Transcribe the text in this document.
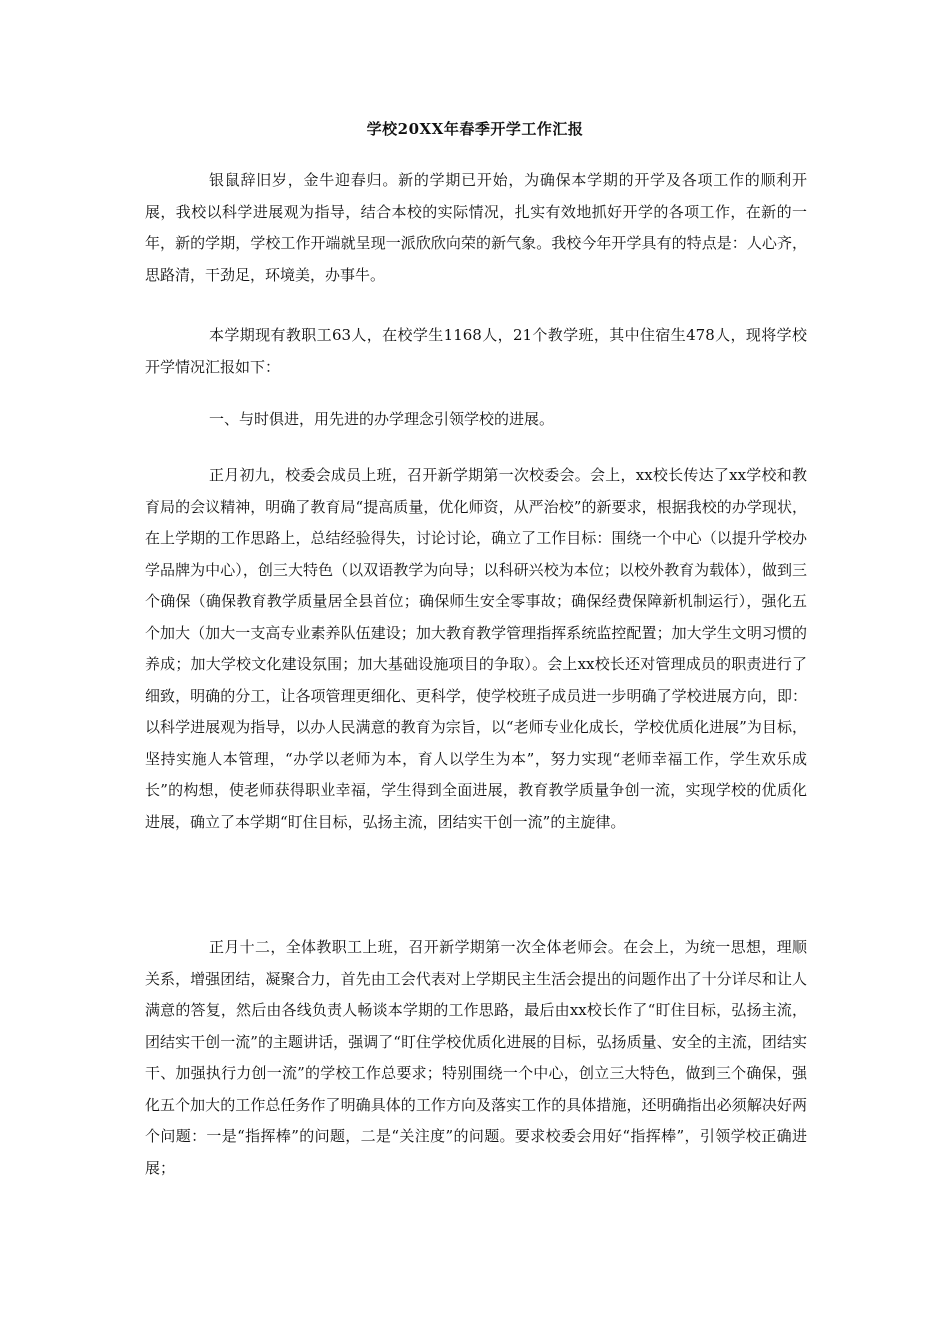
学校20XX年春季开学工作汇报

银鼠辞旧岁，金牛迎春归。新的学期已开始，为确保本学期的开学及各项工作的顺利开展，我校以科学进展观为指导，结合本校的实际情况，扎实有效地抓好开学的各项工作，在新的一年，新的学期，学校工作开端就呈现一派欣欣向荣的新气象。我校今年开学具有的特点是：人心齐，思路清，干劲足，环境美，办事牛。

本学期现有教职工63人，在校学生1168人，21个教学班，其中住宿生478人，现将学校开学情况汇报如下：

一、与时俱进，用先进的办学理念引领学校的进展。

正月初九，校委会成员上班，召开新学期第一次校委会。会上，xx校长传达了xx学校和教育局的会议精神，明确了教育局“提高质量，优化师资，从严治校”的新要求，根据我校的办学现状，在上学期的工作思路上，总结经验得失，讨论讨论，确立了工作目标：围绕一个中心（以提升学校办学品牌为中心），创三大特色（以双语教学为向导；以科研兴校为本位；以校外教育为载体），做到三个确保（确保教育教学质量居全县首位；确保师生安全零事故；确保经费保障新机制运行），强化五个加大（加大一支高专业素养队伍建设；加大教育教学管理指挥系统监控配置；加大学生文明习惯的养成；加大学校文化建设氛围；加大基础设施项目的争取）。会上xx校长还对管理成员的职责进行了细致，明确的分工，让各项管理更细化、更科学，使学校班子成员进一步明确了学校进展方向，即：以科学进展观为指导，以办人民满意的教育为宗旨，以“老师专业化成长，学校优质化进展”为目标，坚持实施人本管理，“办学以老师为本，育人以学生为本”，努力实现“老师幸福工作，学生欢乐成长”的构想，使老师获得职业幸福，学生得到全面进展，教育教学质量争创一流，实现学校的优质化进展，确立了本学期“盯住目标，弘扬主流，团结实干创一流”的主旋律。

正月十二，全体教职工上班，召开新学期第一次全体老师会。在会上，为统一思想，理顺关系，增强团结，凝聚合力，首先由工会代表对上学期民主生活会提出的问题作出了十分详尽和让人满意的答复，然后由各线负责人畅谈本学期的工作思路，最后由xx校长作了“盯住目标，弘扬主流，团结实干创一流”的主题讲话，强调了“盯住学校优质化进展的目标，弘扬质量、安全的主流，团结实干、加强执行力创一流”的学校工作总要求；特别围绕一个中心，创立三大特色，做到三个确保，强化五个加大的工作总任务作了明确具体的工作方向及落实工作的具体措施，还明确指出必须解决好两个问题：一是“指挥棒”的问题，二是“关注度”的问题。要求校委会用好“指挥棒”，引领学校正确进展；
